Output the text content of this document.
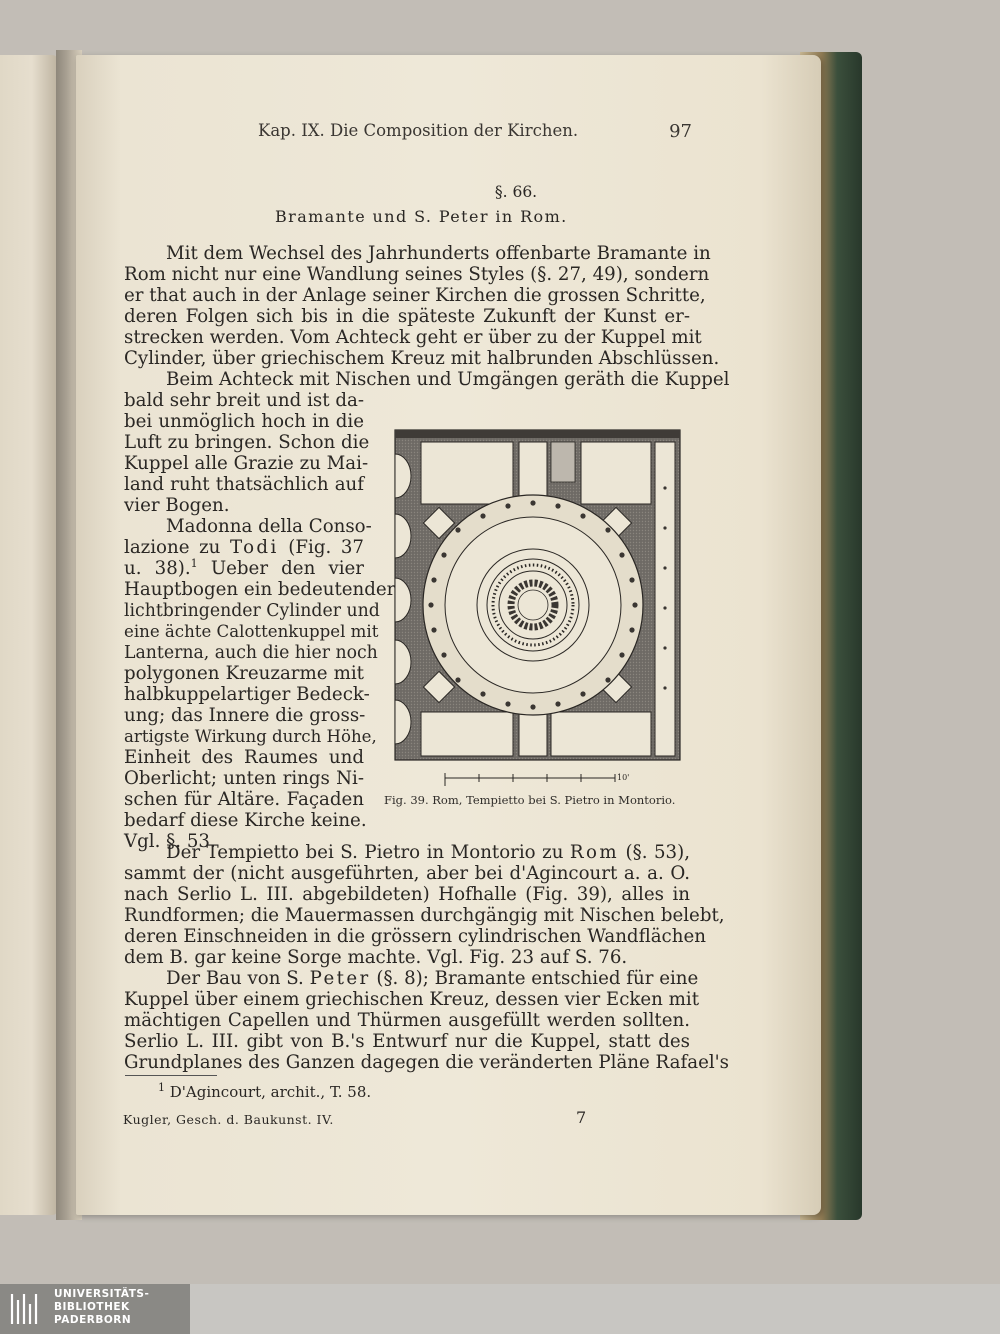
Kap. IX. Die Composition der Kirchen.	97
§. 66.
Bramante und S. Peter in Rom.
Mit dem Wechsel des Jahrhunderts offenbarte Bramante in
Rom nicht nur eine Wandlung seines Styles (§. 27, 49), sondern
er that auch in der Anlage seiner Kirchen die grossen Schritte,
deren Folgen sich bis in die späteste Zukunft der Kunst er-
strecken werden. Vom Achteck geht er über zu der Kuppel mit
Cylinder, über griechischem Kreuz mit halbrunden Abschlüssen.
Beim Achteck mit Nischen und Umgängen geräth die Kuppel
bald sehr breit und ist da-
bei unmöglich hoch in die
Luft zu bringen. Schon die
Kuppel alle Grazie zu Mai-
land ruht thatsächlich auf
vier Bogen.
Madonna della Conso-
lazione zu Todi (Fig. 37
u. 38).$^1$ Ueber den vier
Hauptbogen ein bedeutender
lichtbringender Cylinder und
eine ächte Calottenkuppel mit
Lanterna, auch die hier noch
polygonen Kreuzarme mit
halbkuppelartiger Bedeck-
ung; das Innere die gross-
artigste Wirkung durch Höhe,
Einheit des Raumes und
Oberlicht; unten rings Ni-
schen für Altäre. Façaden
bedarf diese Kirche keine.
Vgl. §. 53.
10'
Fig. 39. Rom, Tempietto bei S. Pietro in Montorio.
Der Tempietto bei S. Pietro in Montorio zu Rom (§. 53),
sammt der (nicht ausgeführten, aber bei d'Agincourt a. a. O.
nach Serlio L. III. abgebildeten) Hofhalle (Fig. 39), alles in
Rundformen; die Mauermassen durchgängig mit Nischen belebt,
deren Einschneiden in die grössern cylindrischen Wandflächen
dem B. gar keine Sorge machte. Vgl. Fig. 23 auf S. 76.
Der Bau von S. Peter (§. 8); Bramante entschied für eine
Kuppel über einem griechischen Kreuz, dessen vier Ecken mit
mächtigen Capellen und Thürmen ausgefüllt werden sollten.
Serlio L. III. gibt von B.'s Entwurf nur die Kuppel, statt des
Grundplanes des Ganzen dagegen die veränderten Pläne Rafael's
$^1$ D'Agincourt, archit., T. 58.
Kugler, Gesch. d. Baukunst. IV.	7
UNIVERSITÄTS-
BIBLIOTHEK
PADERBORN
